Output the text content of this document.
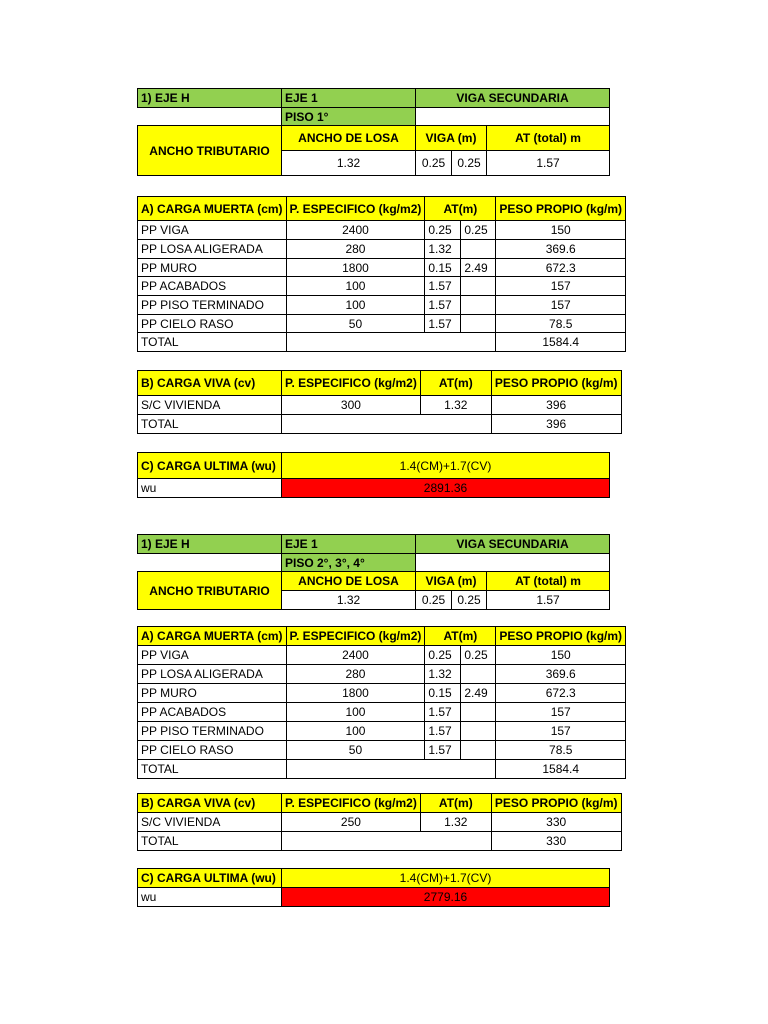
1) EJE H	EJE 1	VIGA SECUNDARIA		
	PISO 1°			
ANCHO TRIBUTARIO	ANCHO DE LOSA	VIGA (m)		AT (total) m
	1.32	0.25	0.25	1.57
A) CARGA MUERTA (cm)	P. ESPECIFICO (kg/m2)	AT(m)		PESO PROPIO (kg/m)
PP VIGA	2400	0.25	0.25	150
PP LOSA ALIGERADA	280	1.32		369.6
PP MURO	1800	0.15	2.49	672.3
PP ACABADOS	100	1.57		157
PP PISO TERMINADO	100	1.57		157
PP CIELO RASO	50	1.57		78.5
TOTAL				1584.4
B) CARGA VIVA (cv)	P. ESPECIFICO (kg/m2)	AT(m)	PESO PROPIO (kg/m)
S/C VIVIENDA	300	1.32	396
TOTAL			396
C) CARGA ULTIMA (wu)	1.4(CM)+1.7(CV)
wu	2891.36
1) EJE H	EJE 1	VIGA SECUNDARIA		
	PISO 2°, 3°, 4°			
ANCHO TRIBUTARIO	ANCHO DE LOSA	VIGA (m)		AT (total) m
	1.32	0.25	0.25	1.57
A) CARGA MUERTA (cm)	P. ESPECIFICO (kg/m2)	AT(m)		PESO PROPIO (kg/m)
PP VIGA	2400	0.25	0.25	150
PP LOSA ALIGERADA	280	1.32		369.6
PP MURO	1800	0.15	2.49	672.3
PP ACABADOS	100	1.57		157
PP PISO TERMINADO	100	1.57		157
PP CIELO RASO	50	1.57		78.5
TOTAL				1584.4
B) CARGA VIVA (cv)	P. ESPECIFICO (kg/m2)	AT(m)	PESO PROPIO (kg/m)
S/C VIVIENDA	250	1.32	330
TOTAL			330
C) CARGA ULTIMA (wu)	1.4(CM)+1.7(CV)
wu	2779.16
